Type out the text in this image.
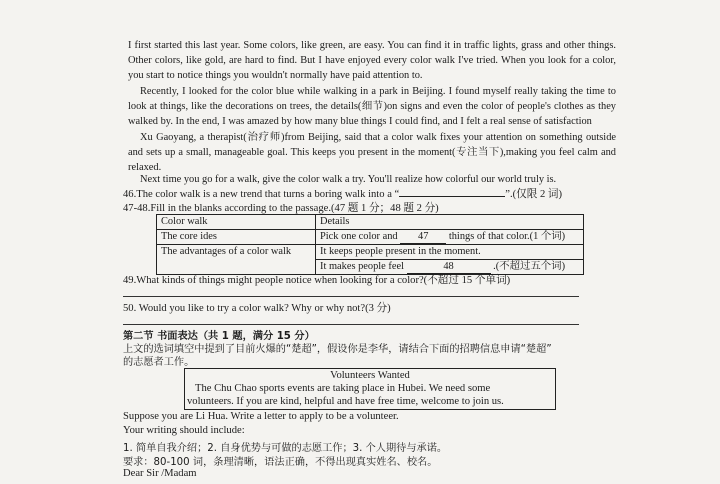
I first started this last year. Some colors, like green, are easy. You can find it in traffic lights, grass and other things. Other colors, like gold, are hard to find. But I have enjoyed every color walk I've tried. When you look for a color, you start to notice things you wouldn't normally have paid attention to.
Recently, I looked for the color blue while walking in a park in Beijing. I found myself really taking the time to look at things, like the decorations on trees, the details(细节)on signs and even the color of people's clothes as they walked by. In the end, I was amazed by how many blue things I could find, and I felt a real sense of satisfaction
Xu Gaoyang, a therapist(治疗师)from Beijing, said that a color walk fixes your attention on something outside and sets up a small, manageable goal. This keeps you present in the moment(专注当下),making you feel calm and relaxed.
Next time you go for a walk, give the color walk a try. You'll realize how colorful our world truly is.
46.The color walk is a new trend that turns a boring walk into a “	”.(仅限 2 词)
47-48.Fill in the blanks according to the passage.(47 题 1 分；48 题 2 分)
Color walk	Details
The core ides	Pick one color and 47 things of that color.(1 个词)
The advantages of a color walk	It keeps people present in the moment.
	It makes people feel 48 .(不超过五个词)
49.What kinds of things might people notice when looking for a color?(不超过 15 个单词)
50. Would you like to try a color walk? Why or why not?(3 分)
第二节 书面表达（共 1 题，满分 15 分）
上文的选词填空中提到了目前火爆的“楚超”，假设你是李华，请结合下面的招聘信息申请“楚超”
的志愿者工作。
Volunteers Wanted
The Chu Chao sports events are taking place in Hubei. We need some
volunteers. If you are kind, helpful and have free time, welcome to join us.
Suppose you are Li Hua. Write a letter to apply to be a volunteer.
Your writing should include:
1. 简单自我介绍；2. 自身优势与可做的志愿工作；3. 个人期待与承诺。
要求：80-100 词，条理清晰，语法正确，不得出现真实姓名、校名。
Dear Sir /Madam
